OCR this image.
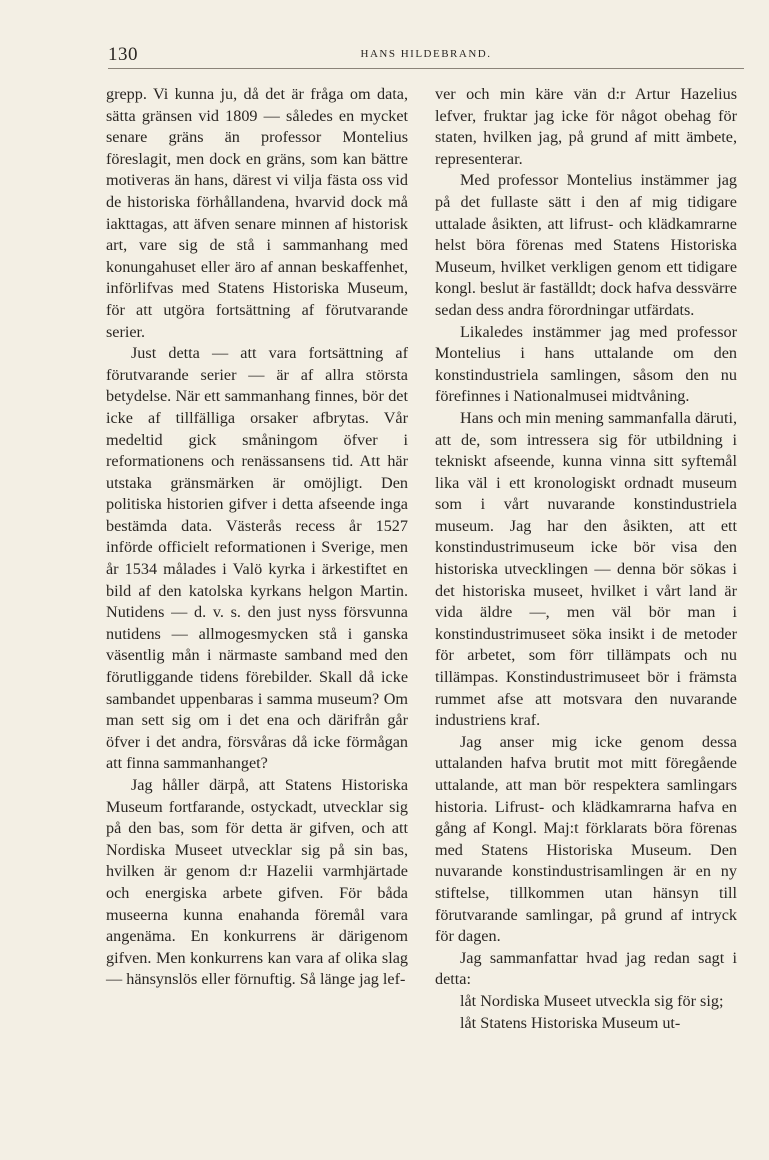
130	HANS HILDEBRAND.

grepp. Vi kunna ju, då det är fråga om data, sätta gränsen vid 1809 — således en mycket senare gräns än professor Montelius föreslagit, men dock en gräns, som kan bättre motiveras än hans, därest vi vilja fästa oss vid de historiska förhållandena, hvarvid dock må iakttagas, att äfven senare minnen af historisk art, vare sig de stå i sammanhang med konungahuset eller äro af annan beskaffenhet, införlifvas med Statens Historiska Museum, för att utgöra fortsättning af förutvarande serier.

Just detta — att vara fortsättning af förutvarande serier — är af allra största betydelse. När ett sammanhang finnes, bör det icke af tillfälliga orsaker afbrytas. Vår medeltid gick småningom öfver i reformationens och renässansens tid. Att här utstaka gränsmärken är omöjligt. Den politiska historien gifver i detta afseende inga bestämda data. Västerås recess år 1527 införde officielt reformationen i Sverige, men år 1534 målades i Valö kyrka i ärkestiftet en bild af den katolska kyrkans helgon Martin. Nutidens — d. v. s. den just nyss försvunna nutidens — allmogesmycken stå i ganska väsentlig mån i närmaste samband med den förutliggande tidens förebilder. Skall då icke sambandet uppenbaras i samma museum? Om man sett sig om i det ena och därifrån går öfver i det andra, försvåras då icke förmågan att finna sammanhanget?

Jag håller därpå, att Statens Historiska Museum fortfarande, ostyckadt, utvecklar sig på den bas, som för detta är gifven, och att Nordiska Museet utvecklar sig på sin bas, hvilken är genom d:r Hazelii varmhjärtade och energiska arbete gifven. För båda museerna kunna enahanda föremål vara angenäma. En konkurrens är därigenom gifven. Men konkurrens kan vara af olika slag — hänsynslös eller förnuftig. Så länge jag lef-

ver och min käre vän d:r Artur Hazelius lefver, fruktar jag icke för något obehag för staten, hvilken jag, på grund af mitt ämbete, representerar.

Med professor Montelius instämmer jag på det fullaste sätt i den af mig tidigare uttalade åsikten, att lifrust- och klädkamrarne helst böra förenas med Statens Historiska Museum, hvilket verkligen genom ett tidigare kongl. beslut är faställdt; dock hafva dessvärre sedan dess andra förordningar utfärdats.

Likaledes instämmer jag med professor Montelius i hans uttalande om den konstindustriela samlingen, såsom den nu förefinnes i Nationalmusei midtvåning.

Hans och min mening sammanfalla däruti, att de, som intressera sig för utbildning i tekniskt afseende, kunna vinna sitt syftemål lika väl i ett kronologiskt ordnadt museum som i vårt nuvarande konstindustriela museum. Jag har den åsikten, att ett konstindustrimuseum icke bör visa den historiska utvecklingen — denna bör sökas i det historiska museet, hvilket i vårt land är vida äldre —, men väl bör man i konstindustrimuseet söka insikt i de metoder för arbetet, som förr tillämpats och nu tillämpas. Konstindustrimuseet bör i främsta rummet afse att motsvara den nuvarande industriens kraf.

Jag anser mig icke genom dessa uttalanden hafva brutit mot mitt föregående uttalande, att man bör respektera samlingars historia. Lifrust- och klädkamrarna hafva en gång af Kongl. Maj:t förklarats böra förenas med Statens Historiska Museum. Den nuvarande konstindustrisamlingen är en ny stiftelse, tillkommen utan hänsyn till förutvarande samlingar, på grund af intryck för dagen.

Jag sammanfattar hvad jag redan sagt i detta:

låt Nordiska Museet utveckla sig för sig;

låt Statens Historiska Museum ut-
